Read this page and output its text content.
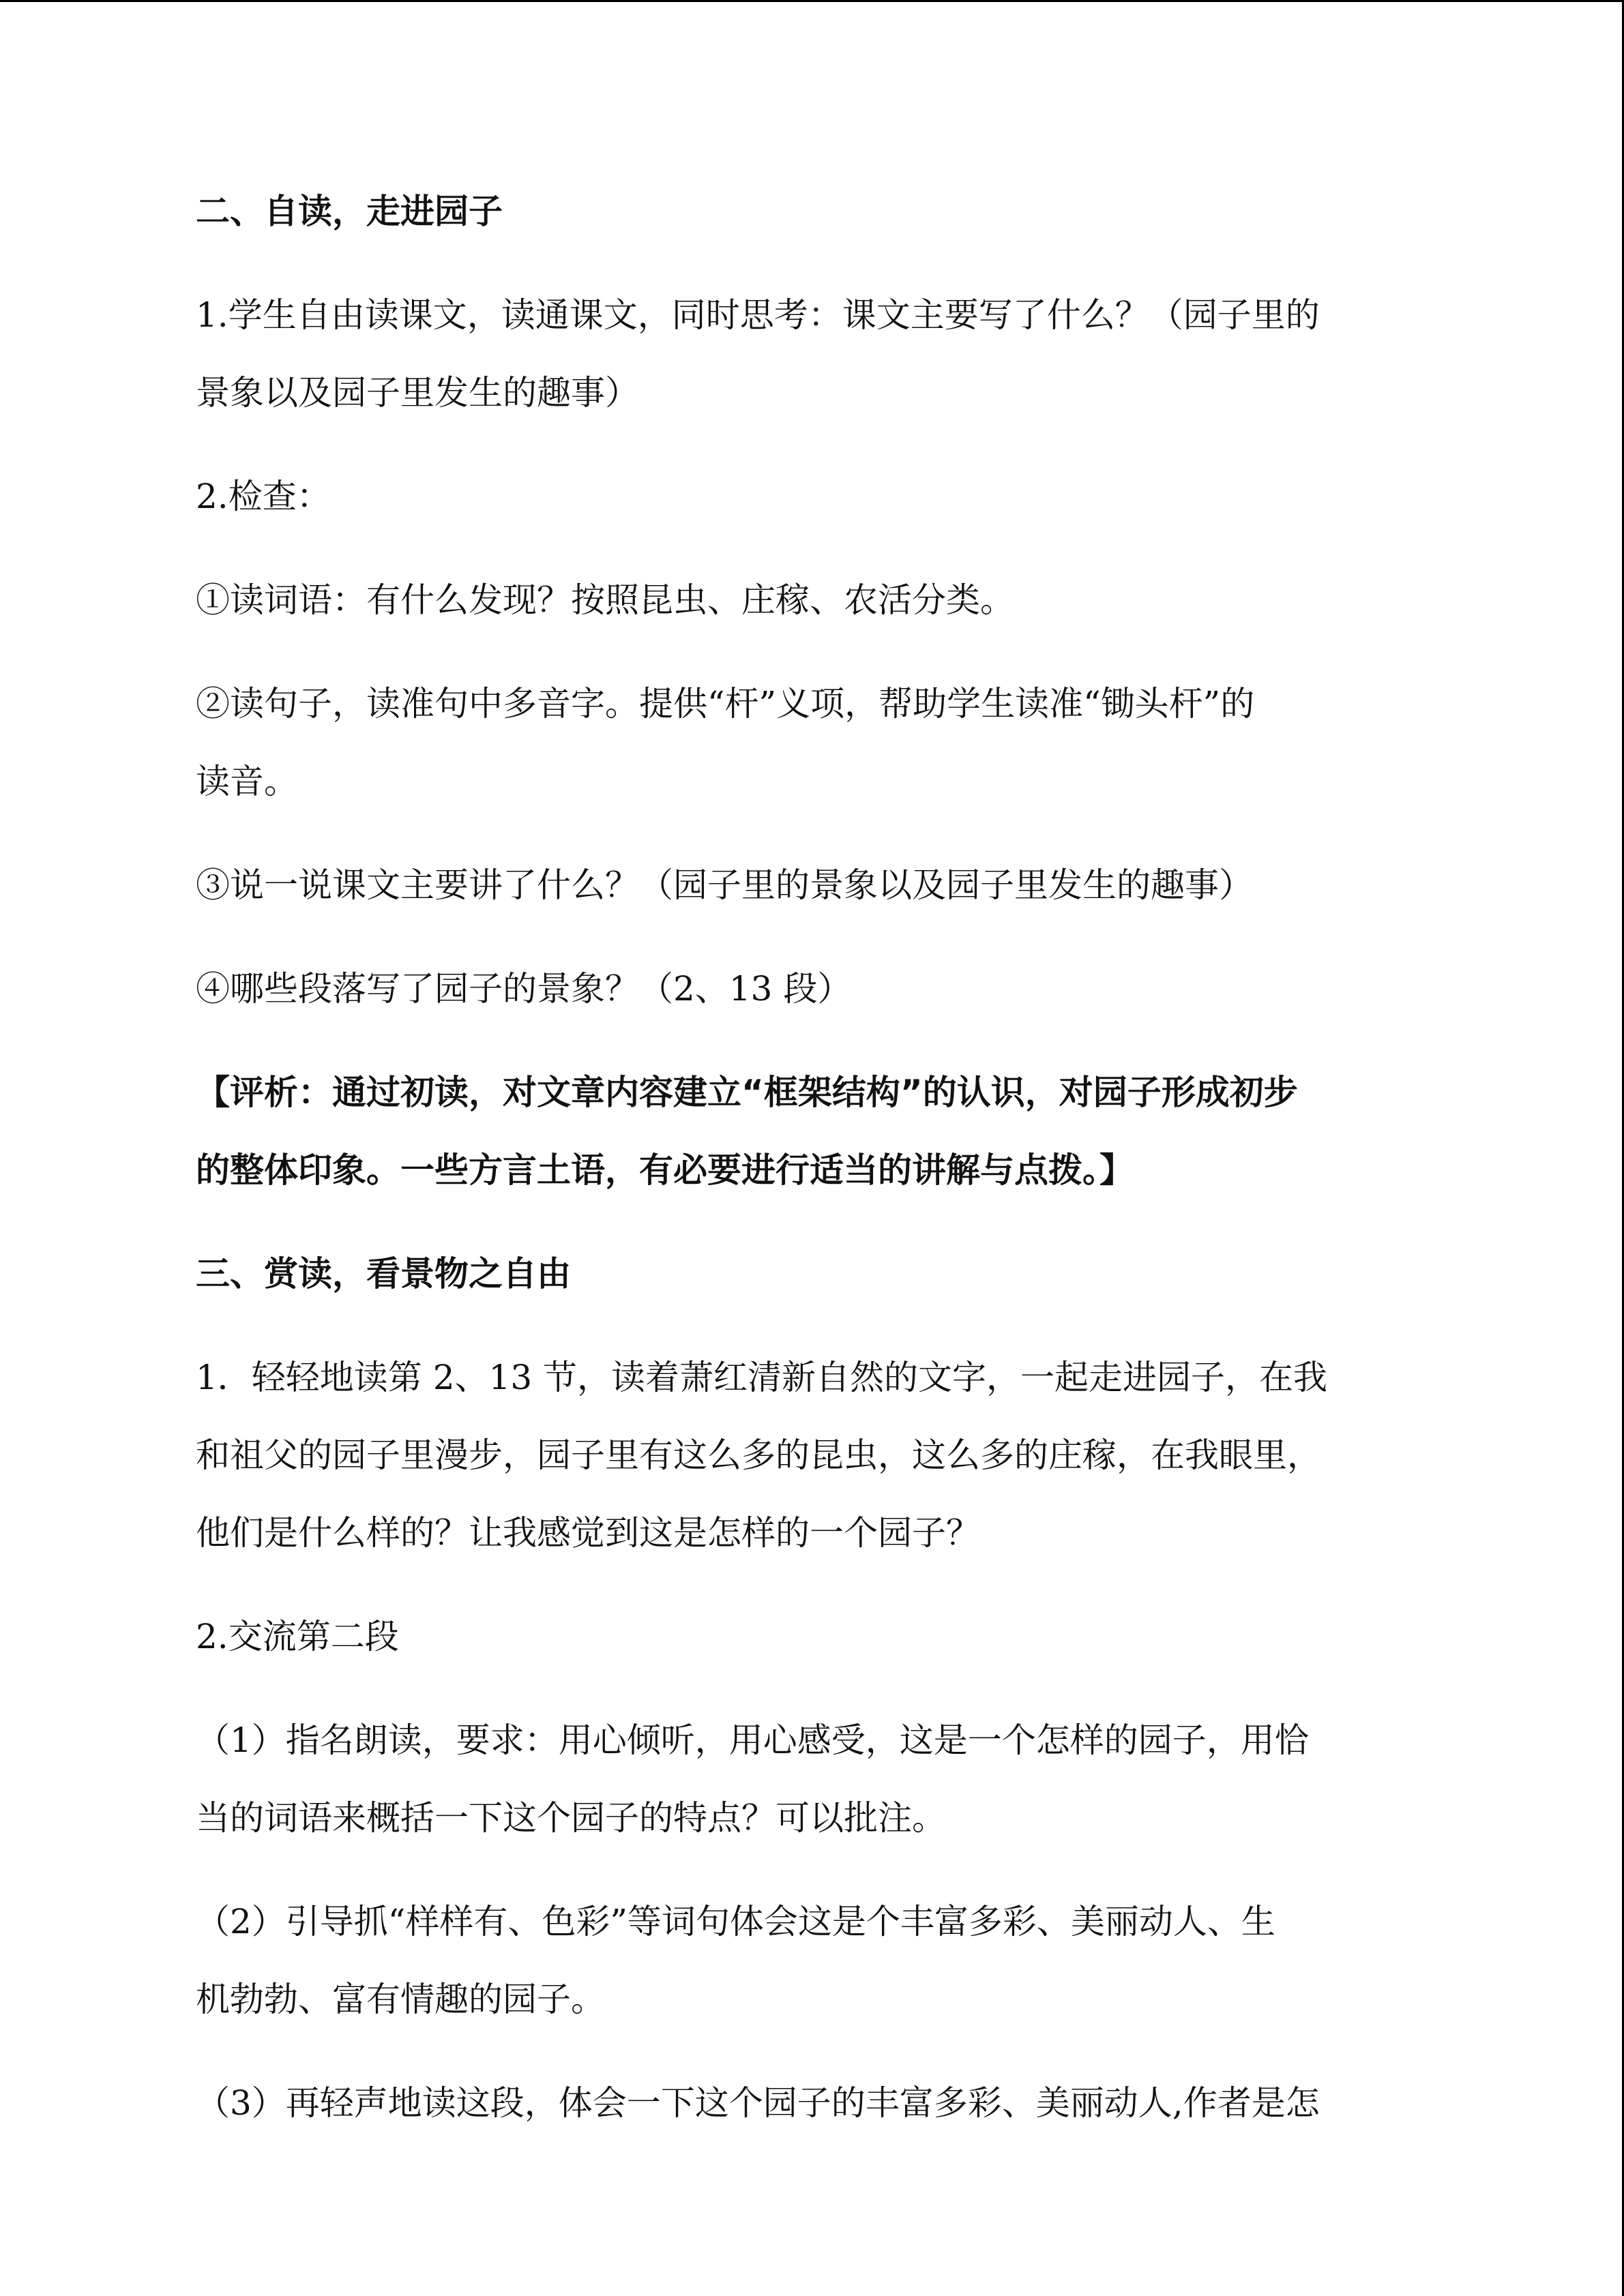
二、自读，走进园子

1.学生自由读课文，读通课文，同时思考：课文主要写了什么？（园子里的

景象以及园子里发生的趣事）

2.检查：

①读词语：有什么发现？按照昆虫、庄稼、农活分类。

②读句子，读准句中多音字。提供“杆”义项，帮助学生读准“锄头杆”的

读音。

③说一说课文主要讲了什么？（园子里的景象以及园子里发生的趣事）

④哪些段落写了园子的景象？（2、13 段）

【评析：通过初读，对文章内容建立“框架结构”的认识，对园子形成初步

的整体印象。一些方言土语，有必要进行适当的讲解与点拨。】

三、赏读，看景物之自由

1．轻轻地读第 2、13 节，读着萧红清新自然的文字，一起走进园子，在我

和祖父的园子里漫步，园子里有这么多的昆虫，这么多的庄稼，在我眼里，

他们是什么样的？让我感觉到这是怎样的一个园子？

2.交流第二段

（1）指名朗读，要求：用心倾听，用心感受，这是一个怎样的园子，用恰

当的词语来概括一下这个园子的特点？可以批注。

（2）引导抓“样样有、色彩”等词句体会这是个丰富多彩、美丽动人、生

机勃勃、富有情趣的园子。

（3）再轻声地读这段，体会一下这个园子的丰富多彩、美丽动人,作者是怎
